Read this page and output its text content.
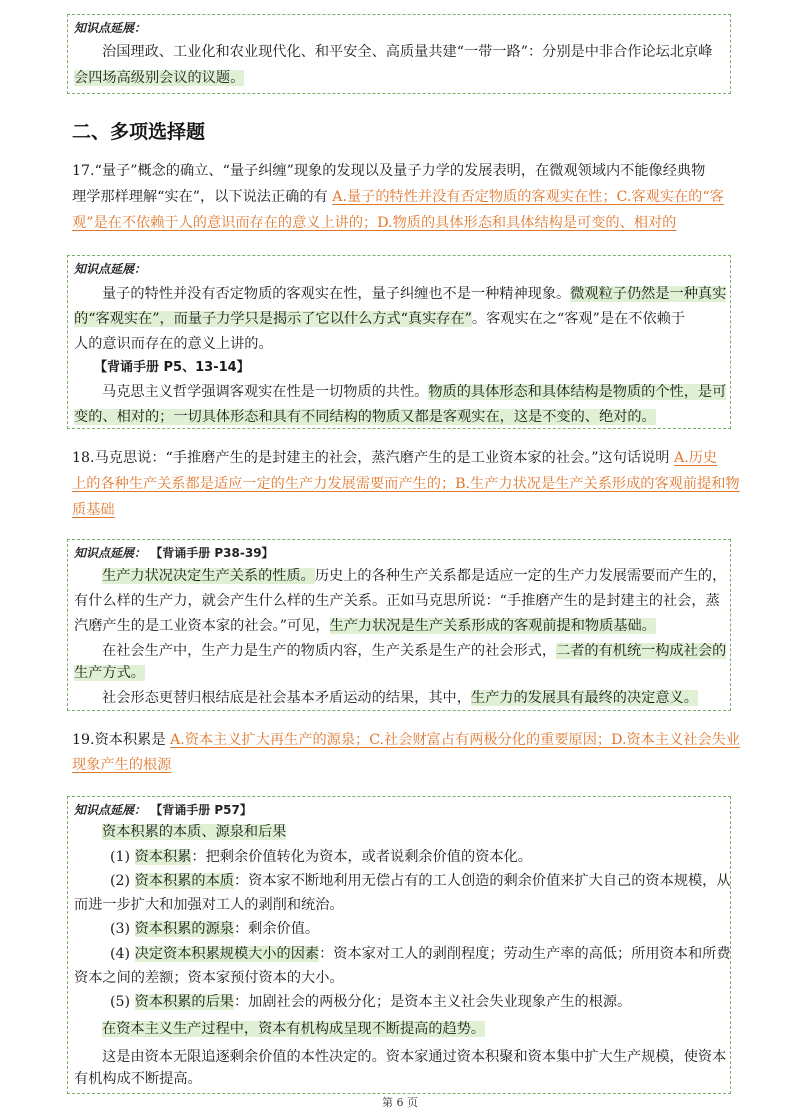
知识点延展：
治国理政、工业化和农业现代化、和平安全、高质量共建“一带一路”：分别是中非合作论坛北京峰
会四场高级别会议的议题。
二、多项选择题
17.“量子”概念的确立、“量子纠缠”现象的发现以及量子力学的发展表明，在微观领域内不能像经典物
理学那样理解“实在”，以下说法正确的有 A.量子的特性并没有否定物质的客观实在性；C.客观实在的“客
观”是在不依赖于人的意识而存在的意义上讲的；D.物质的具体形态和具体结构是可变的、相对的
知识点延展：
量子的特性并没有否定物质的客观实在性，量子纠缠也不是一种精神现象。微观粒子仍然是一种真实
的“客观实在”，而量子力学只是揭示了它以什么方式“真实存在”。客观实在之“客观”是在不依赖于
人的意识而存在的意义上讲的。
【背诵手册 P5、13-14】
马克思主义哲学强调客观实在性是一切物质的共性。物质的具体形态和具体结构是物质的个性，是可
变的、相对的；一切具体形态和具有不同结构的物质又都是客观实在，这是不变的、绝对的。
18.马克思说：“手推磨产生的是封建主的社会，蒸汽磨产生的是工业资本家的社会。”这句话说明 A.历史
上的各种生产关系都是适应一定的生产力发展需要而产生的；B.生产力状况是生产关系形成的客观前提和物
质基础
知识点延展： 【背诵手册 P38-39】
生产力状况决定生产关系的性质。历史上的各种生产关系都是适应一定的生产力发展需要而产生的，
有什么样的生产力，就会产生什么样的生产关系。正如马克思所说：“手推磨产生的是封建主的社会，蒸
汽磨产生的是工业资本家的社会。”可见，生产力状况是生产关系形成的客观前提和物质基础。
在社会生产中，生产力是生产的物质内容，生产关系是生产的社会形式，二者的有机统一构成社会的
生产方式。
社会形态更替归根结底是社会基本矛盾运动的结果，其中，生产力的发展具有最终的决定意义。
19.资本积累是 A.资本主义扩大再生产的源泉；C.社会财富占有两极分化的重要原因；D.资本主义社会失业
现象产生的根源
知识点延展： 【背诵手册 P57】
资本积累的本质、源泉和后果
(1) 资本积累：把剩余价值转化为资本，或者说剩余价值的资本化。
(2) 资本积累的本质：资本家不断地利用无偿占有的工人创造的剩余价值来扩大自己的资本规模，从
而进一步扩大和加强对工人的剥削和统治。
(3) 资本积累的源泉：剩余价值。
(4) 决定资本积累规模大小的因素：资本家对工人的剥削程度；劳动生产率的高低；所用资本和所费
资本之间的差额；资本家预付资本的大小。
(5) 资本积累的后果：加剧社会的两极分化；是资本主义社会失业现象产生的根源。
在资本主义生产过程中，资本有机构成呈现不断提高的趋势。
这是由资本无限追逐剩余价值的本性决定的。资本家通过资本积聚和资本集中扩大生产规模，使资本
有机构成不断提高。
第 6 页
